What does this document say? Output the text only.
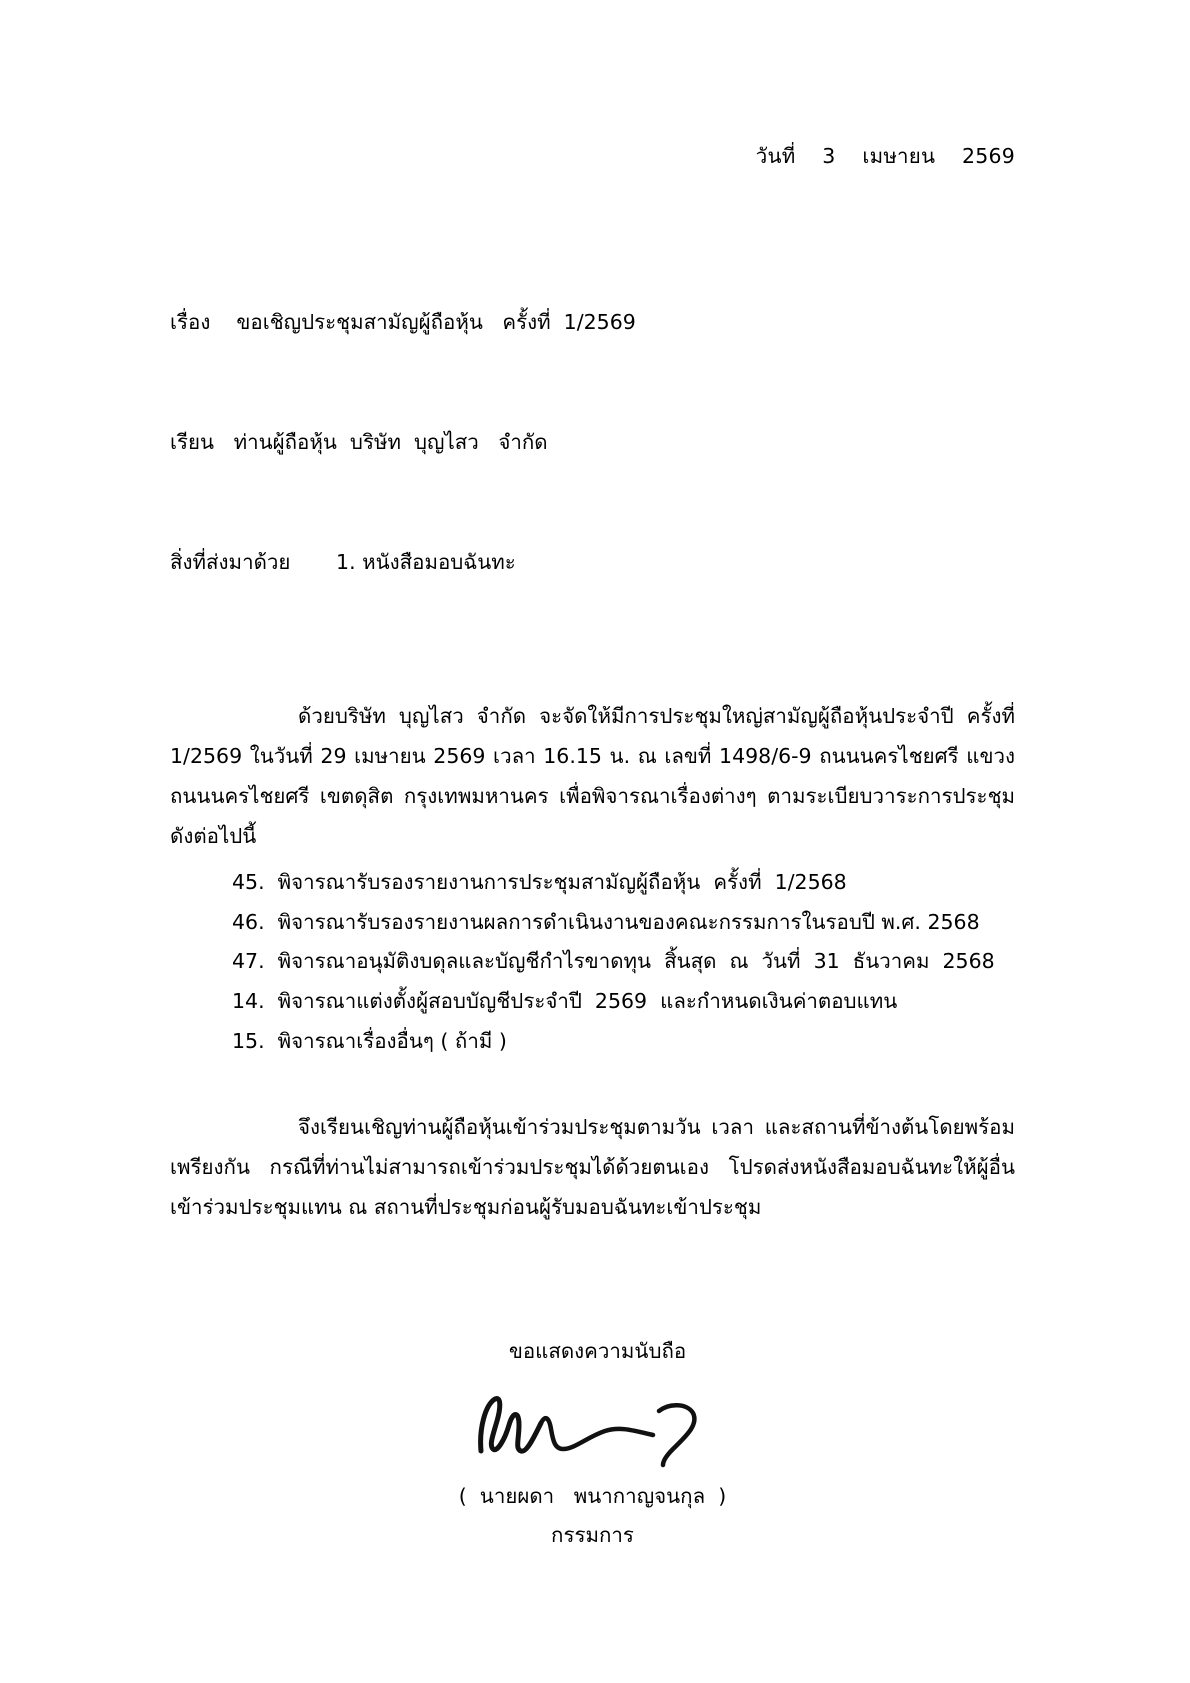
วันที่    3    เมษายน    2569

เรื่อง    ขอเชิญประชุมสามัญผู้ถือหุ้น   ครั้งที่  1/2569

เรียน   ท่านผู้ถือหุ้น  บริษัท  บุญไสว   จำกัด

สิ่งที่ส่งมาด้วย       1. หนังสือมอบฉันทะ

ด้วยบริษัท บุญไสว จำกัด จะจัดให้มีการประชุมใหญ่สามัญผู้ถือหุ้นประจำปี ครั้งที่ 1/2569 ในวันที่ 29 เมษายน 2569 เวลา 16.15 น. ณ เลขที่ 1498/6-9 ถนนนครไชยศรี แขวงถนนนครไชยศรี เขตดุสิต กรุงเทพมหานคร เพื่อพิจารณาเรื่องต่างๆ ตามระเบียบวาระการประชุมดังต่อไปนี้
45.  พิจารณารับรองรายงานการประชุมสามัญผู้ถือหุ้น  ครั้งที่  1/2568
46.  พิจารณารับรองรายงานผลการดำเนินงานของคณะกรรมการในรอบปี พ.ศ. 2568
47.  พิจารณาอนุมัติงบดุลและบัญชีกำไรขาดทุน  สิ้นสุด  ณ  วันที่  31  ธันวาคม  2568
14.  พิจารณาแต่งตั้งผู้สอบบัญชีประจำปี  2569  และกำหนดเงินค่าตอบแทน
15.  พิจารณาเรื่องอื่นๆ ( ถ้ามี )
จึงเรียนเชิญท่านผู้ถือหุ้นเข้าร่วมประชุมตามวัน เวลา และสถานที่ข้างต้นโดยพร้อมเพรียงกัน กรณีที่ท่านไม่สามารถเข้าร่วมประชุมได้ด้วยตนเอง โปรดส่งหนังสือมอบฉันทะให้ผู้อื่นเข้าร่วมประชุมแทน ณ สถานที่ประชุมก่อนผู้รับมอบฉันทะเข้าประชุม
ขอแสดงความนับถือ
(  นายผดา   พนากาญจนกุล  )
กรรมการ
